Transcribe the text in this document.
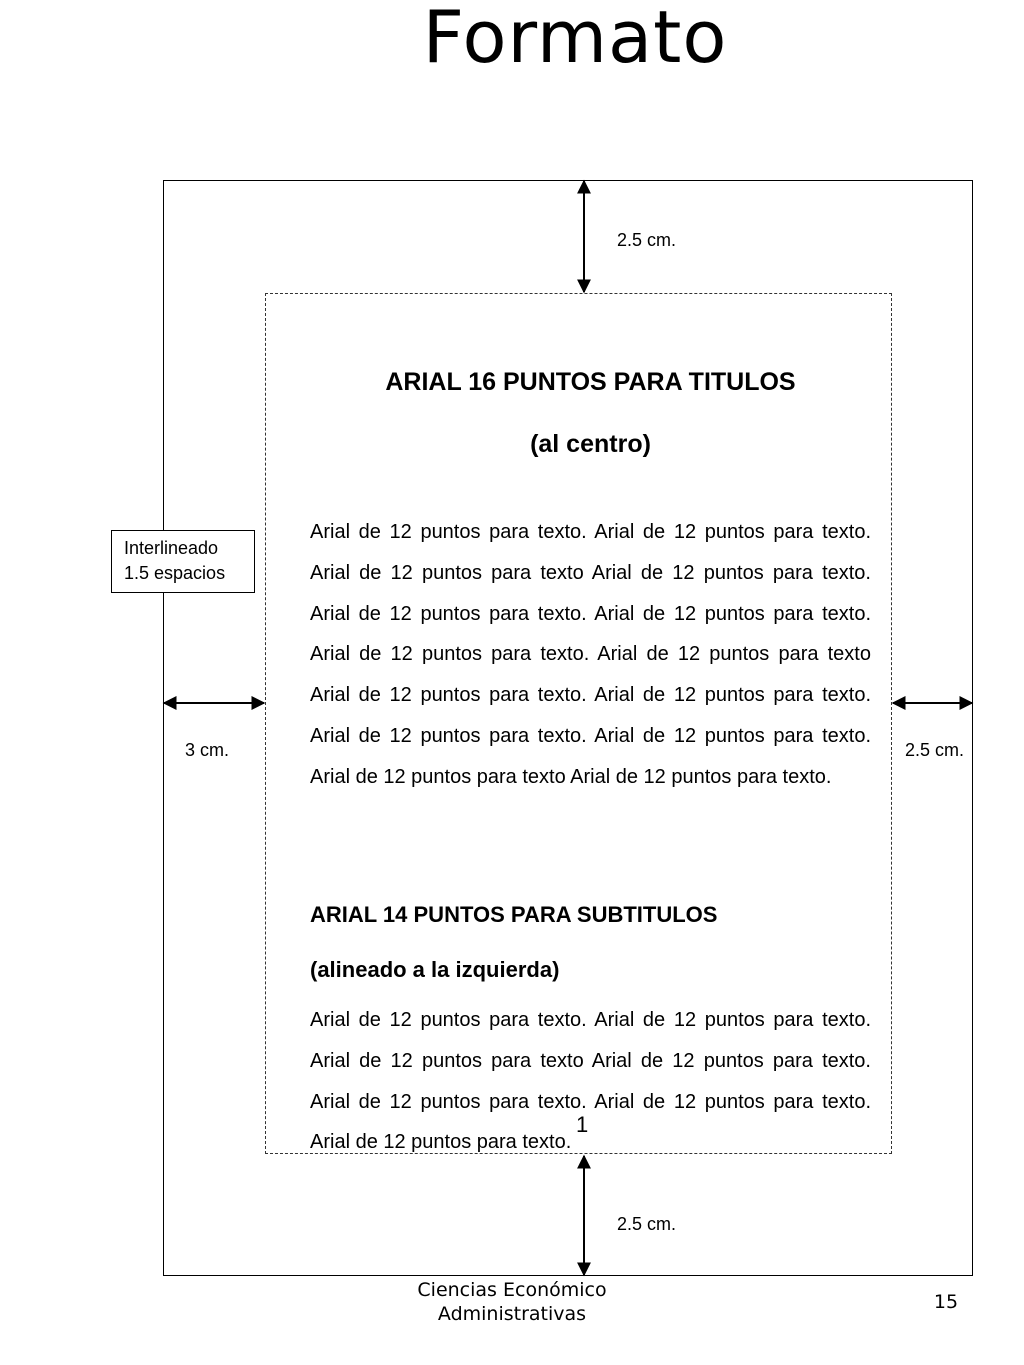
Formato
2.5 cm.
2.5 cm.
3 cm.	2.5 cm.
Interlineado
1.5 espacios
ARIAL 16 PUNTOS PARA TITULOS
(al centro)
Arial de 12 puntos para texto. Arial de 12 puntos para texto. Arial de 12 puntos para texto Arial de 12 puntos para texto. Arial de 12 puntos para texto. Arial de 12 puntos para texto. Arial de 12 puntos para texto. Arial de 12 puntos para texto Arial de 12 puntos para texto. Arial de 12 puntos para texto. Arial de 12 puntos para texto. Arial de 12 puntos para texto. Arial de 12 puntos para texto Arial de 12 puntos para texto.
ARIAL 14 PUNTOS PARA SUBTITULOS
(alineado a la izquierda)
Arial de 12 puntos para texto. Arial de 12 puntos para texto. Arial de 12 puntos para texto Arial de 12 puntos para texto. Arial de 12 puntos para texto. Arial de 12 puntos para texto. Arial de 12 puntos para texto.
1
Ciencias Económico
Administrativas
15
